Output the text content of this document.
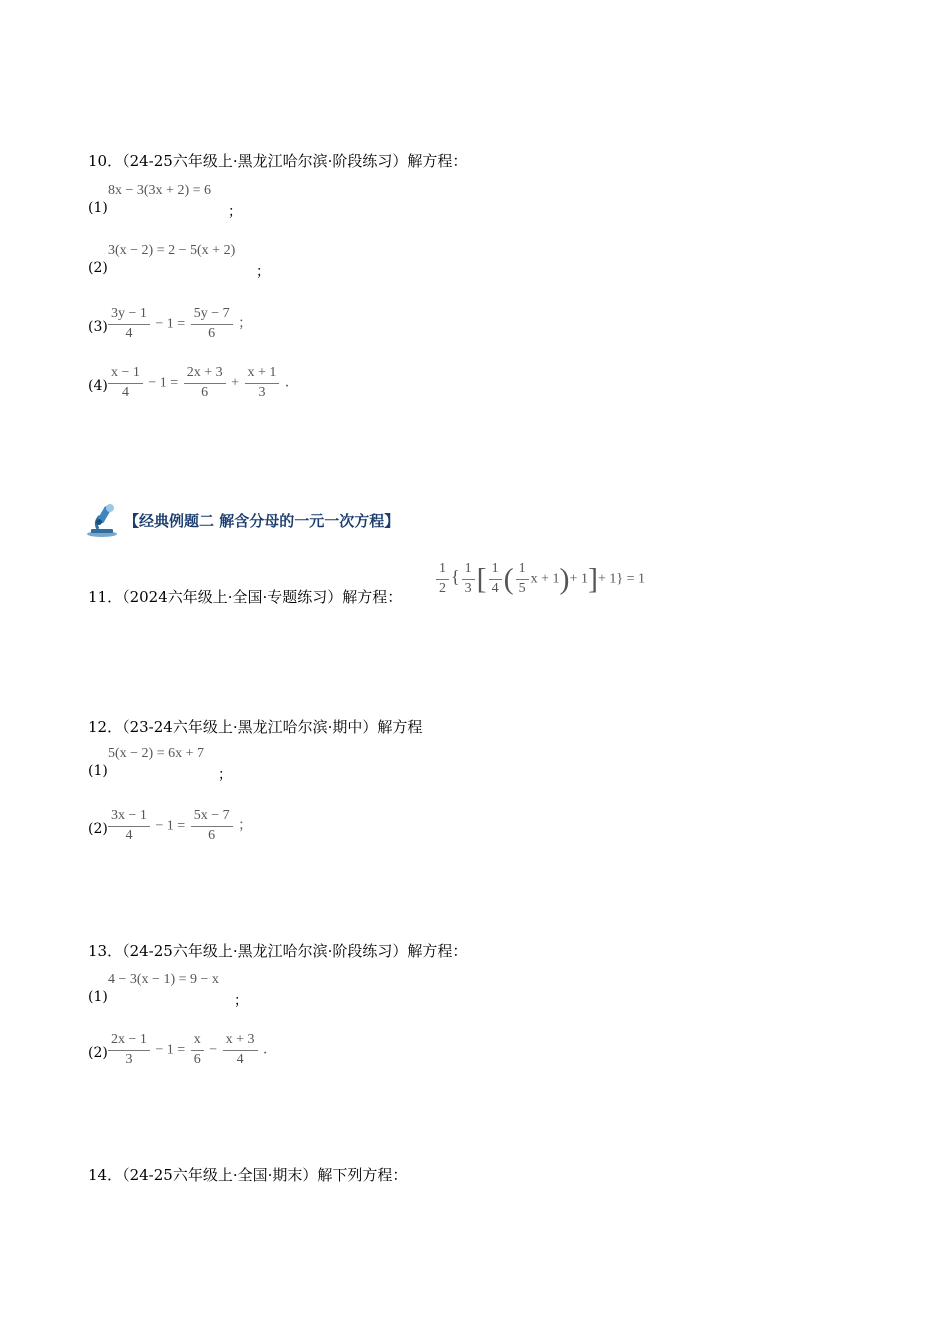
10．（24-25六年级上·黑龙江哈尔滨·阶段练习）解方程：
(1)
8x − 3(3x + 2) = 6
；
(2)
3(x − 2) = 2 − 5(x + 2)
；
$(3) \frac{3y - 1}{4} - 1 = \frac{5y - 7}{6}$ ；
$(4) \frac{x - 1}{4} - 1 = \frac{2x + 3}{6} + \frac{x + 1}{3}$ ．
【经典例题二 解含分母的一元一次方程】
11．（2024六年级上·全国·专题练习）解方程： $\frac{1}{2}$ { $\frac{1}{3}$ [ $\frac{1}{4}$ ( $\frac{1}{5}$ x + 1)+ 1]+ 1} = 1
12．（23-24六年级上·黑龙江哈尔滨·期中）解方程
(1)
5(x − 2) = 6x + 7
；
$(2) \frac{3x - 1}{4} - 1 = \frac{5x - 7}{6}$ ；
13．（24-25六年级上·黑龙江哈尔滨·阶段练习）解方程：
(1)
4 − 3(x − 1) = 9 − x
；
$(2) \frac{2x - 1}{3} - 1 = \frac{x}{6} - \frac{x + 3}{4}$ ．
14．（24-25六年级上·全国·期末）解下列方程：
